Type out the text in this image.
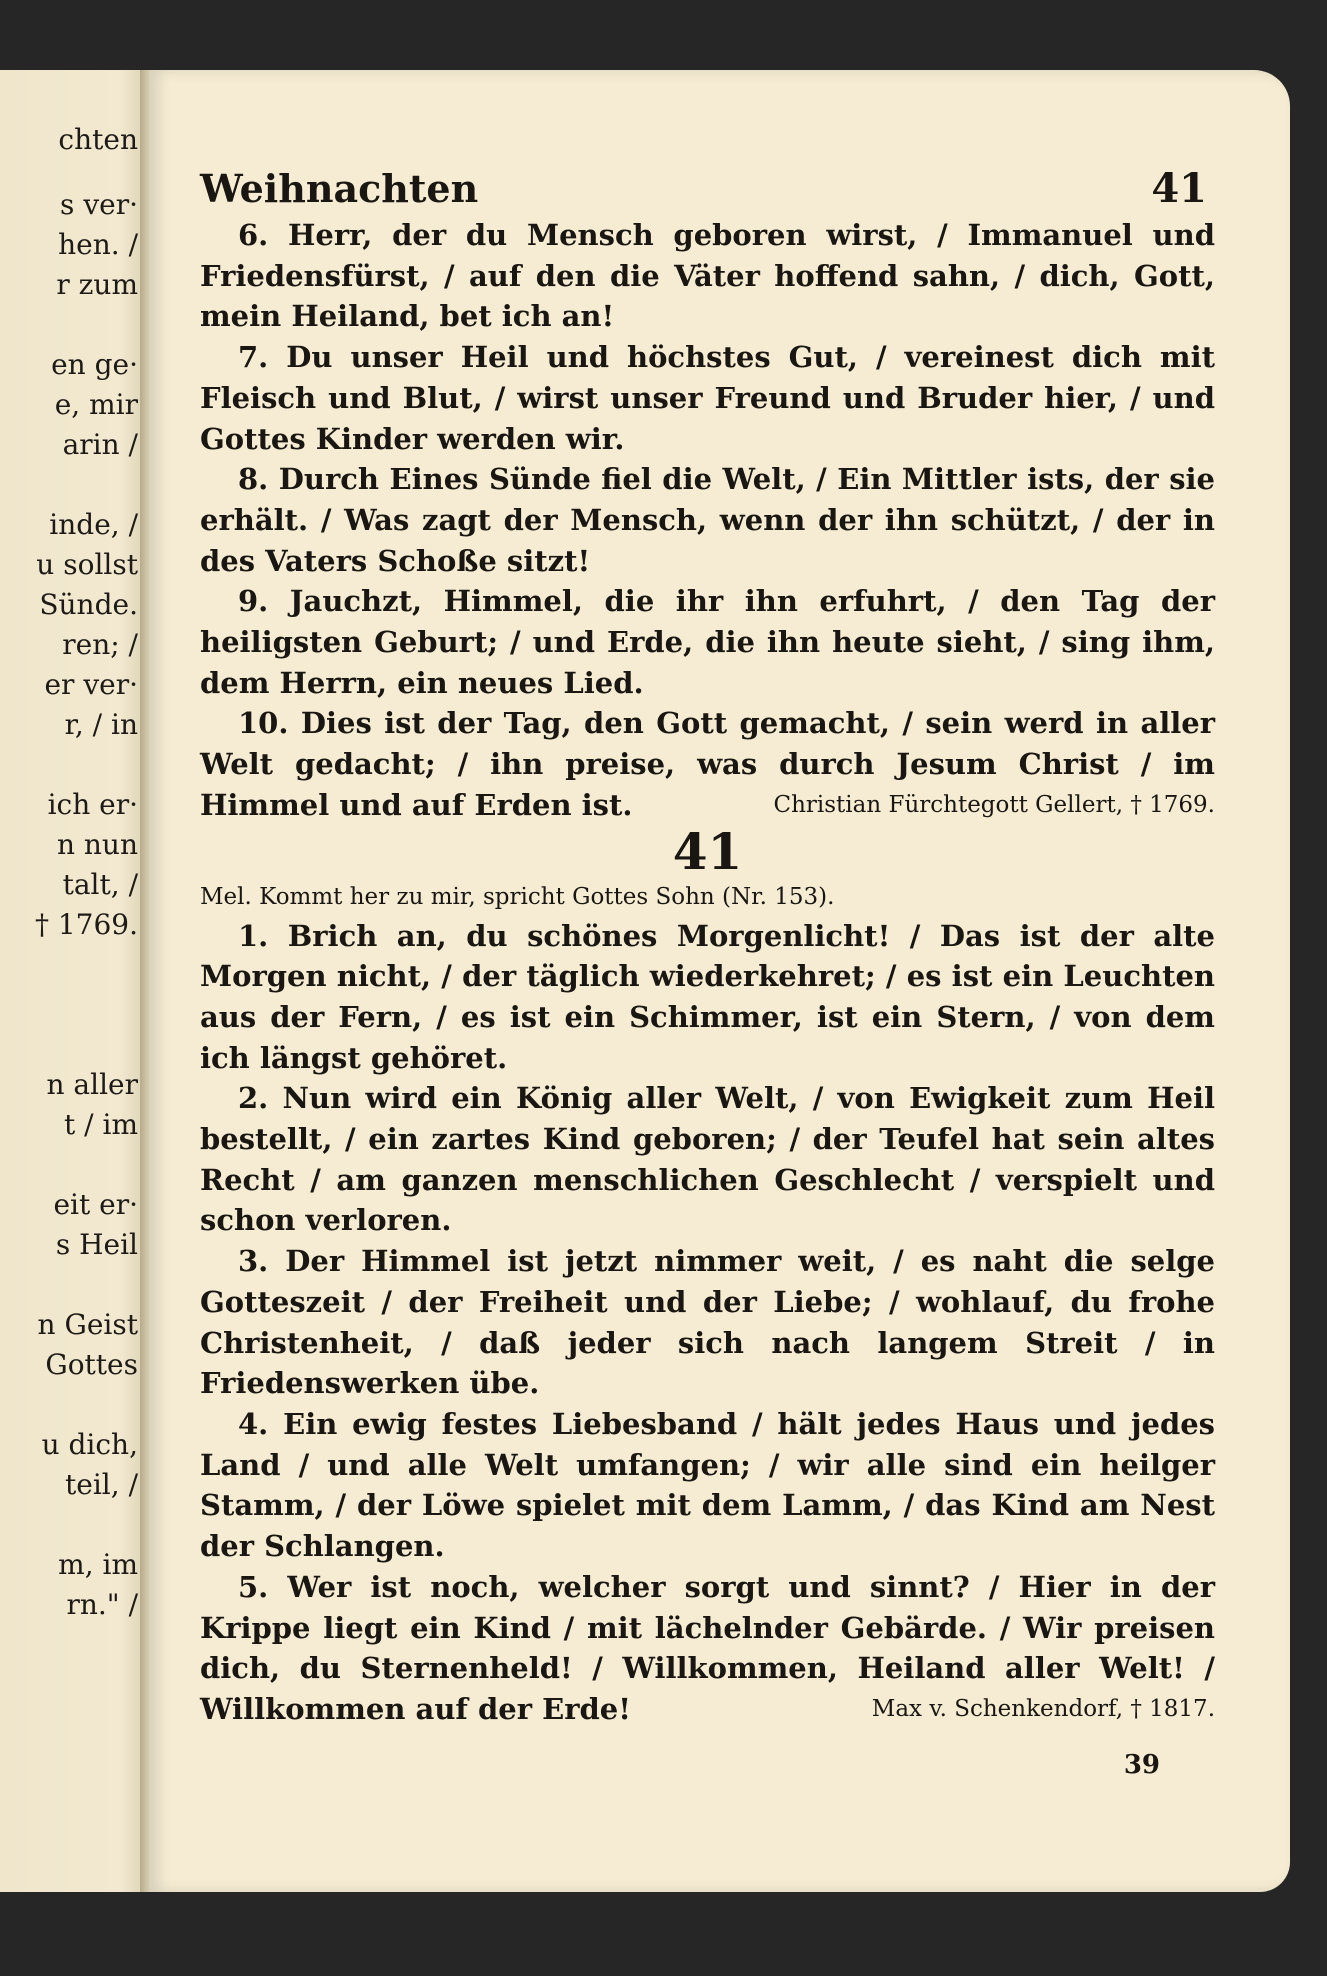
chten
s ver·
hen. /
r zum
en ge·
e, mir
arin /
inde, /
u sollst
Sünde.
ren; /
er ver·
r, / in
ich er·
n nun
talt, /
† 1769.
n aller
t / im
eit er·
s Heil
n Geist
Gottes
u dich,
teil, /
m, im
rn." /
Weihnachten	41

6. Herr, der du Mensch geboren wirst, / Immanuel und Friedensfürst, / auf den die Väter hoffend sahn, / dich, Gott, mein Heiland, bet ich an!

7. Du unser Heil und höchstes Gut, / vereinest dich mit Fleisch und Blut, / wirst unser Freund und Bruder hier, / und Gottes Kinder werden wir.

8. Durch Eines Sünde fiel die Welt, / Ein Mittler ists, der sie erhält. / Was zagt der Mensch, wenn der ihn schützt, / der in des Vaters Schoße sitzt!

9. Jauchzt, Himmel, die ihr ihn erfuhrt, / den Tag der heiligsten Geburt; / und Erde, die ihn heute sieht, / sing ihm, dem Herrn, ein neues Lied.

10. Dies ist der Tag, den Gott gemacht, / sein werd in aller Welt gedacht; / ihn preise, was durch Jesum Christ / im Himmel und auf Erden ist.	Christian Fürchtegott Gellert, † 1769.

41

Mel. Kommt her zu mir, spricht Gottes Sohn (Nr. 153).

1. Brich an, du schönes Morgenlicht! / Das ist der alte Morgen nicht, / der täglich wiederkehret; / es ist ein Leuchten aus der Fern, / es ist ein Schimmer, ist ein Stern, / von dem ich längst gehöret.

2. Nun wird ein König aller Welt, / von Ewigkeit zum Heil bestellt, / ein zartes Kind geboren; / der Teufel hat sein altes Recht / am ganzen menschlichen Geschlecht / verspielt und schon verloren.

3. Der Himmel ist jetzt nimmer weit, / es naht die selge Gotteszeit / der Freiheit und der Liebe; / wohlauf, du frohe Christenheit, / daß jeder sich nach langem Streit / in Friedenswerken übe.

4. Ein ewig festes Liebesband / hält jedes Haus und jedes Land / und alle Welt umfangen; / wir alle sind ein heilger Stamm, / der Löwe spielet mit dem Lamm, / das Kind am Nest der Schlangen.

5. Wer ist noch, welcher sorgt und sinnt? / Hier in der Krippe liegt ein Kind / mit lächelnder Gebärde. / Wir preisen dich, du Sternenheld! / Willkommen, Heiland aller Welt! / Willkommen auf der Erde!	Max v. Schenkendorf, † 1817.

39
